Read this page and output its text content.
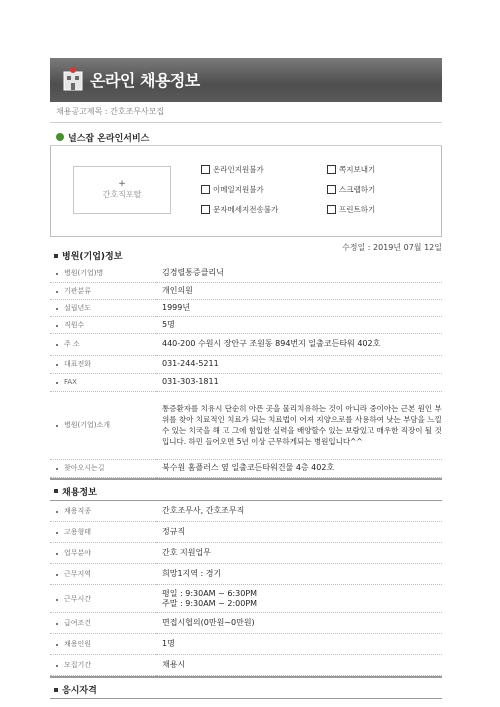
온라인 채용정보
채용공고제목 : 간호조무사모집
널스잡 온라인서비스
+
간호직포탈
온라인지원불가
이메일지원불가
문자메세지전송불가
쪽지보내기
스크랩하기
프린트하기
병원(기업)정보
수정일 : 2019년 07월 12일
병원(기업)명	김경렬통증클리닉
기관분류	개인의원
설립년도	1999년
직원수	5명
주 소	440-200 수원시 장안구 조원동 894번지 일출코든타워 402호
대표전화	031-244-5211
FAX	031-303-1811
병원(기업)소개	통증환자를 치유시 단순히 아픈 곳을 물리치유하는 것이 아니라 중이아는 근본 원인 부위를 찾아 치료적인 치료가 되는 치료법이 어져 지양으로를 사용하여 낫는 부담을 느낄 수 있는 치국을 해 고 그에 힘입한 실력을 배양할수 있는 보람있고 매우한 직장이 될 것입니다. 하민 들어오면 5년 이상 근무하게되는 병원입니다^^
찾아오시는길	북수원 홈플러스 옆 일출코든타워건물 4층 402호
채용정보
채용직종	간호조무사, 간호조무직
고용형태	정규직
업무분야	간호 지원업무
근무지역	희망1지역 : 경기
근무시간	평일 : 9:30AM ~ 6:30PM
주말 : 9:30AM ~ 2:00PM

급여조건	면접시협의(0만원~0만원)
채용인원	1명
모집기간	채용시
응시자격
